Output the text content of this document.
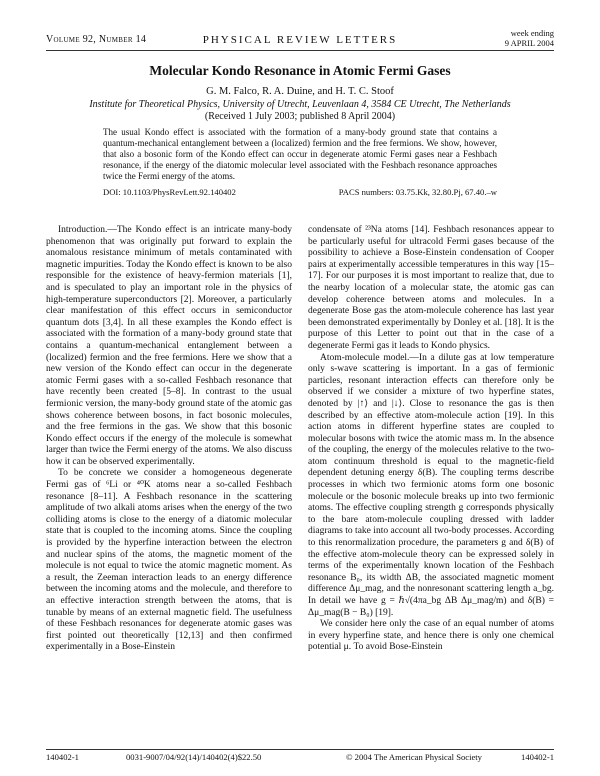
Volume 92, Number 14	PHYSICAL REVIEW LETTERS
week ending
9 APRIL 2004
Molecular Kondo Resonance in Atomic Fermi Gases
G. M. Falco, R. A. Duine, and H. T. C. Stoof
Institute for Theoretical Physics, University of Utrecht, Leuvenlaan 4, 3584 CE Utrecht, The Netherlands
(Received 1 July 2003; published 8 April 2004)
The usual Kondo effect is associated with the formation of a many-body ground state that contains a quantum-mechanical entanglement between a (localized) fermion and the free fermions. We show, however, that also a bosonic form of the Kondo effect can occur in degenerate atomic Fermi gases near a Feshbach resonance, if the energy of the diatomic molecular level associated with the Feshbach resonance approaches twice the Fermi energy of the atoms.
DOI: 10.1103/PhysRevLett.92.140402	PACS numbers: 03.75.Kk, 32.80.Pj, 67.40.–w

Introduction.—The Kondo effect is an intricate many-body phenomenon that was originally put forward to explain the anomalous resistance minimum of metals contaminated with magnetic impurities. Today the Kondo effect is known to be also responsible for the existence of heavy-fermion materials [1], and is speculated to play an important role in the physics of high-temperature superconductors [2]. Moreover, a particularly clear manifestation of this effect occurs in semiconductor quantum dots [3,4]. In all these examples the Kondo effect is associated with the formation of a many-body ground state that contains a quantum-mechanical entanglement between a (localized) fermion and the free fermions. Here we show that a new version of the Kondo effect can occur in the degenerate atomic Fermi gases with a so-called Feshbach resonance that have recently been created [5–8]. In contrast to the usual fermionic version, the many-body ground state of the atomic gas shows coherence between bosons, in fact bosonic molecules, and the free fermions in the gas. We show that this bosonic Kondo effect occurs if the energy of the molecule is somewhat larger than twice the Fermi energy of the atoms. We also discuss how it can be observed experimentally.

To be concrete we consider a homogeneous degenerate Fermi gas of ⁶Li or ⁴⁰K atoms near a so-called Feshbach resonance [8–11]. A Feshbach resonance in the scattering amplitude of two alkali atoms arises when the energy of the two colliding atoms is close to the energy of a diatomic molecular state that is coupled to the incoming atoms. Since the coupling is provided by the hyperfine interaction between the electron and nuclear spins of the atoms, the magnetic moment of the molecule is not equal to twice the atomic magnetic moment. As a result, the Zeeman interaction leads to an energy difference between the incoming atoms and the molecule, and therefore to an effective interaction strength between the atoms, that is tunable by means of an external magnetic field. The usefulness of these Feshbach resonances for degenerate atomic gases was first pointed out theoretically [12,13] and then confirmed experimentally in a Bose-Einstein

condensate of ²³Na atoms [14]. Feshbach resonances appear to be particularly useful for ultracold Fermi gases because of the possibility to achieve a Bose-Einstein condensation of Cooper pairs at experimentally accessible temperatures in this way [15–17]. For our purposes it is most important to realize that, due to the nearby location of a molecular state, the atomic gas can develop coherence between atoms and molecules. In a degenerate Bose gas the atom-molecule coherence has last year been demonstrated experimentally by Donley et al. [18]. It is the purpose of this Letter to point out that in the case of a degenerate Fermi gas it leads to Kondo physics.

Atom-molecule model.—In a dilute gas at low temperature only s-wave scattering is important. In a gas of fermionic particles, resonant interaction effects can therefore only be observed if we consider a mixture of two hyperfine states, denoted by |↑⟩ and |↓⟩. Close to resonance the gas is then described by an effective atom-molecule action [19]. In this action atoms in different hyperfine states are coupled to molecular bosons with twice the atomic mass m. In the absence of the coupling, the energy of the molecules relative to the two-atom continuum threshold is equal to the magnetic-field dependent detuning energy δ(B). The coupling terms describe processes in which two fermionic atoms form one bosonic molecule or the bosonic molecule breaks up into two fermionic atoms. The effective coupling strength g corresponds physically to the bare atom-molecule coupling dressed with ladder diagrams to take into account all two-body processes. According to this renormalization procedure, the parameters g and δ(B) of the effective atom-molecule theory can be expressed solely in terms of the experimentally known location of the Feshbach resonance B₀, its width ΔB, the associated magnetic moment difference Δμ_mag, and the nonresonant scattering length a_bg. In detail we have g = ℏ√(4πa_bg ΔB Δμ_mag/m) and δ(B) = Δμ_mag(B − B₀) [19].

We consider here only the case of an equal number of atoms in every hyperfine state, and hence there is only one chemical potential μ. To avoid Bose-Einstein

140402-1	0031-9007/04/92(14)/140402(4)$22.50	© 2004 The American Physical Society	140402-1
